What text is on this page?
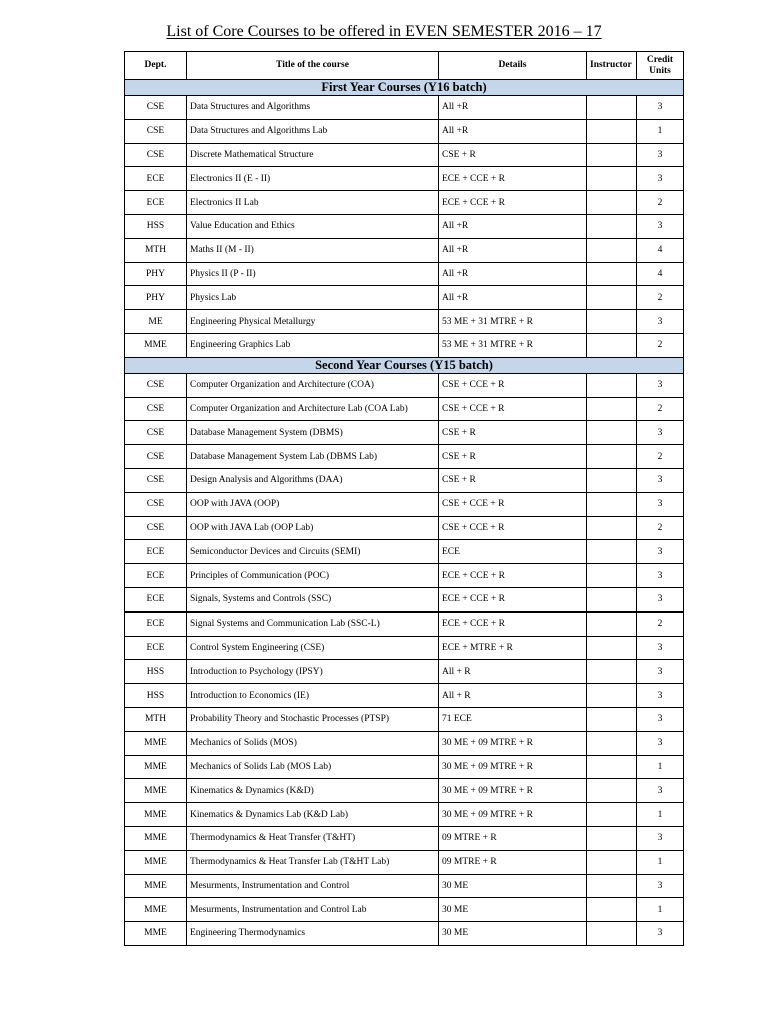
List of Core Courses to be offered in EVEN SEMESTER 2016 – 17
Dept.	Title of the course	Details	Instructor	Credit Units
First Year Courses (Y16 batch)				
CSE	Data Structures and Algorithms	All +R		3
CSE	Data Structures and Algorithms Lab	All +R		1
CSE	Discrete Mathematical Structure	CSE + R		3
ECE	Electronics II (E - II)	ECE + CCE + R		3
ECE	Electronics II Lab	ECE + CCE + R		2
HSS	Value Education and Ethics	All +R		3
MTH	Maths II (M - II)	All +R		4
PHY	Physics II (P - II)	All +R		4
PHY	Physics Lab	All +R		2
ME	Engineering Physical Metallurgy	53 ME + 31 MTRE + R		3
MME	Engineering Graphics Lab	53 ME + 31 MTRE + R		2
Second Year Courses (Y15 batch)				
CSE	Computer Organization and Architecture (COA)	CSE + CCE + R		3
CSE	Computer Organization and Architecture Lab (COA Lab)	CSE + CCE + R		2
CSE	Database Management System (DBMS)	CSE + R		3
CSE	Database Management System Lab (DBMS Lab)	CSE + R		2
CSE	Design Analysis and Algorithms (DAA)	CSE + R		3
CSE	OOP with JAVA (OOP)	CSE + CCE + R		3
CSE	OOP with JAVA Lab (OOP Lab)	CSE + CCE + R		2
ECE	Semiconductor Devices and Circuits (SEMI)	ECE		3
ECE	Principles of Communication (POC)	ECE + CCE + R		3
ECE	Signals, Systems and Controls (SSC)	ECE + CCE + R		3
ECE	Signal Systems and Communication Lab (SSC-L)	ECE + CCE + R		2
ECE	Control System Engineering (CSE)	ECE + MTRE + R		3
HSS	Introduction to Psychology (IPSY)	All + R		3
HSS	Introduction to Economics (IE)	All + R		3
MTH	Probability Theory and Stochastic Processes (PTSP)	71 ECE		3
MME	Mechanics of Solids (MOS)	30 ME + 09 MTRE + R		3
MME	Mechanics of Solids Lab (MOS Lab)	30 ME + 09 MTRE + R		1
MME	Kinematics & Dynamics (K&D)	30 ME + 09 MTRE + R		3
MME	Kinematics & Dynamics Lab (K&D Lab)	30 ME + 09 MTRE + R		1
MME	Thermodynamics & Heat Transfer (T&HT)	09 MTRE + R		3
MME	Thermodynamics & Heat Transfer Lab (T&HT Lab)	09 MTRE + R		1
MME	Mesurments, Instrumentation and Control	30 ME		3
MME	Mesurments, Instrumentation and Control Lab	30 ME		1
MME	Engineering Thermodynamics	30 ME		3
